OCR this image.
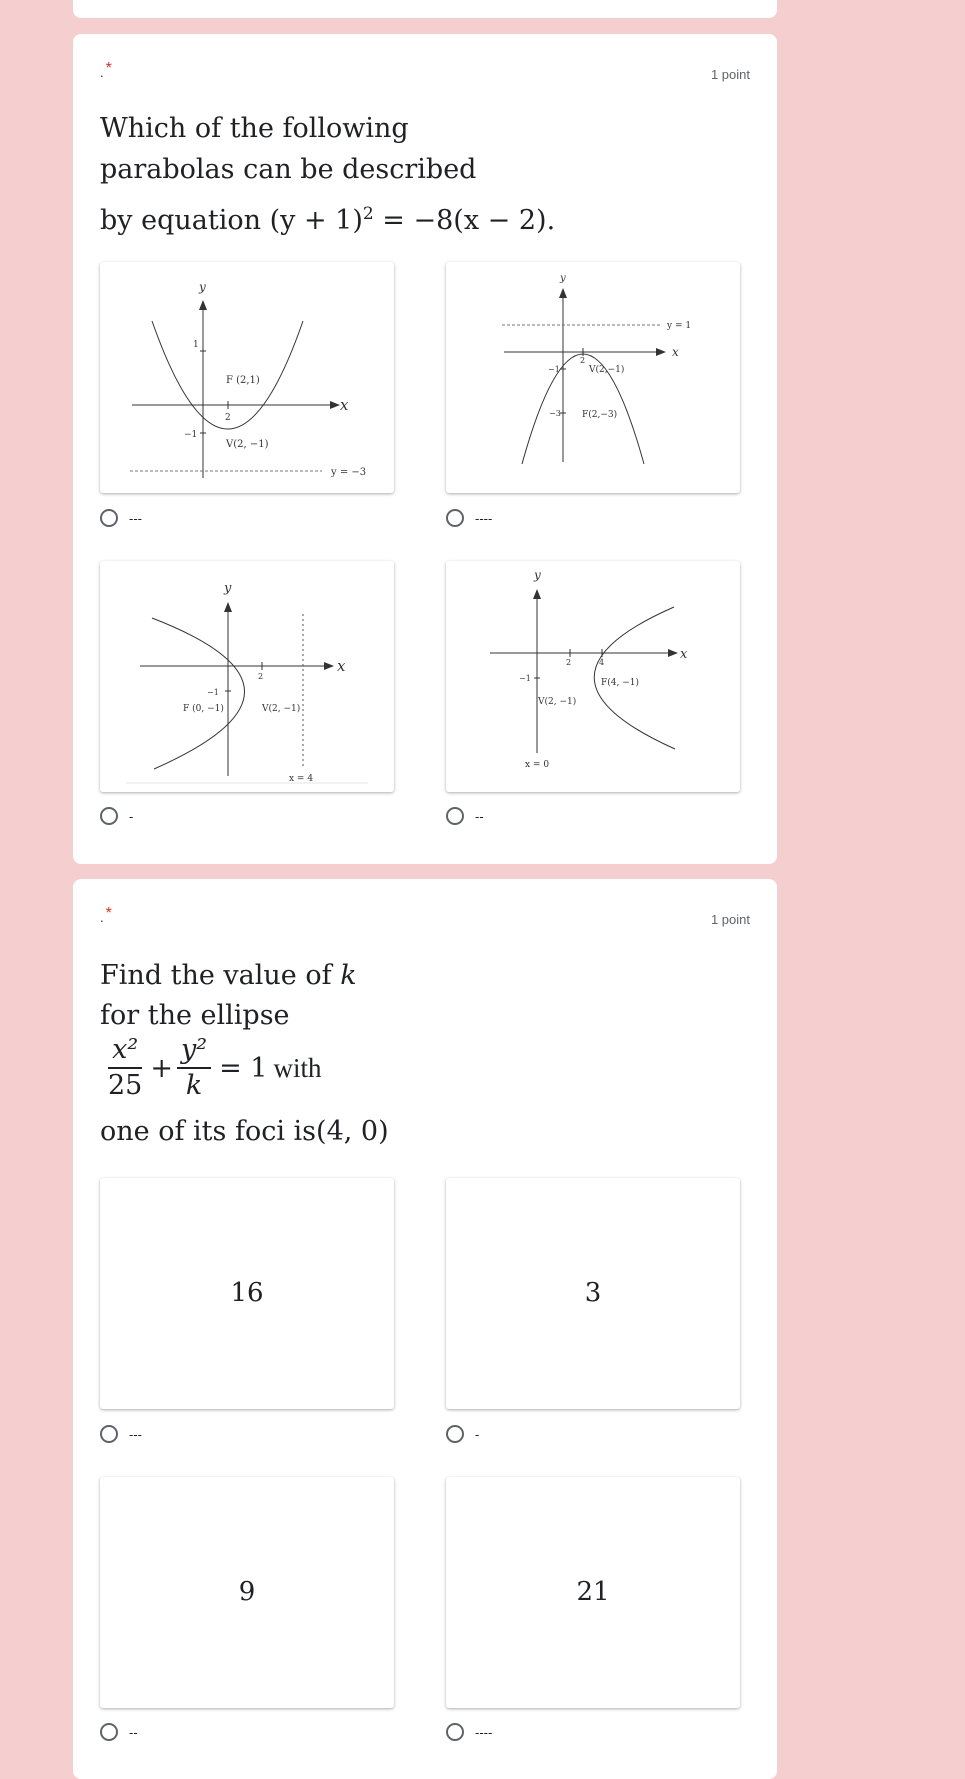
. *	1 point
Which of the following
parabolas can be described
by equation $(y + 1)^2 = -8(x - 2)$.
x
y
1
F (2,1)
2
−1
V(2, −1)
y = −3
---
x
y
y = 1
2
−1	V(2,−1)
−3 F(2,−3)
----
x
y
2
−1
F (0, −1)	V(2, −1)
x = 4
-
x
y
2	4
−1	F(4, −1)
V(2, −1)
x = 0
--
. *	1 point
Find the value of k
for the ellipse
$\frac{\text{x²}}{25} + \frac{\text{y²}}{k} = 1$ with
one of its foci is(4, 0)
16
---
3
-
9
--
21
----
